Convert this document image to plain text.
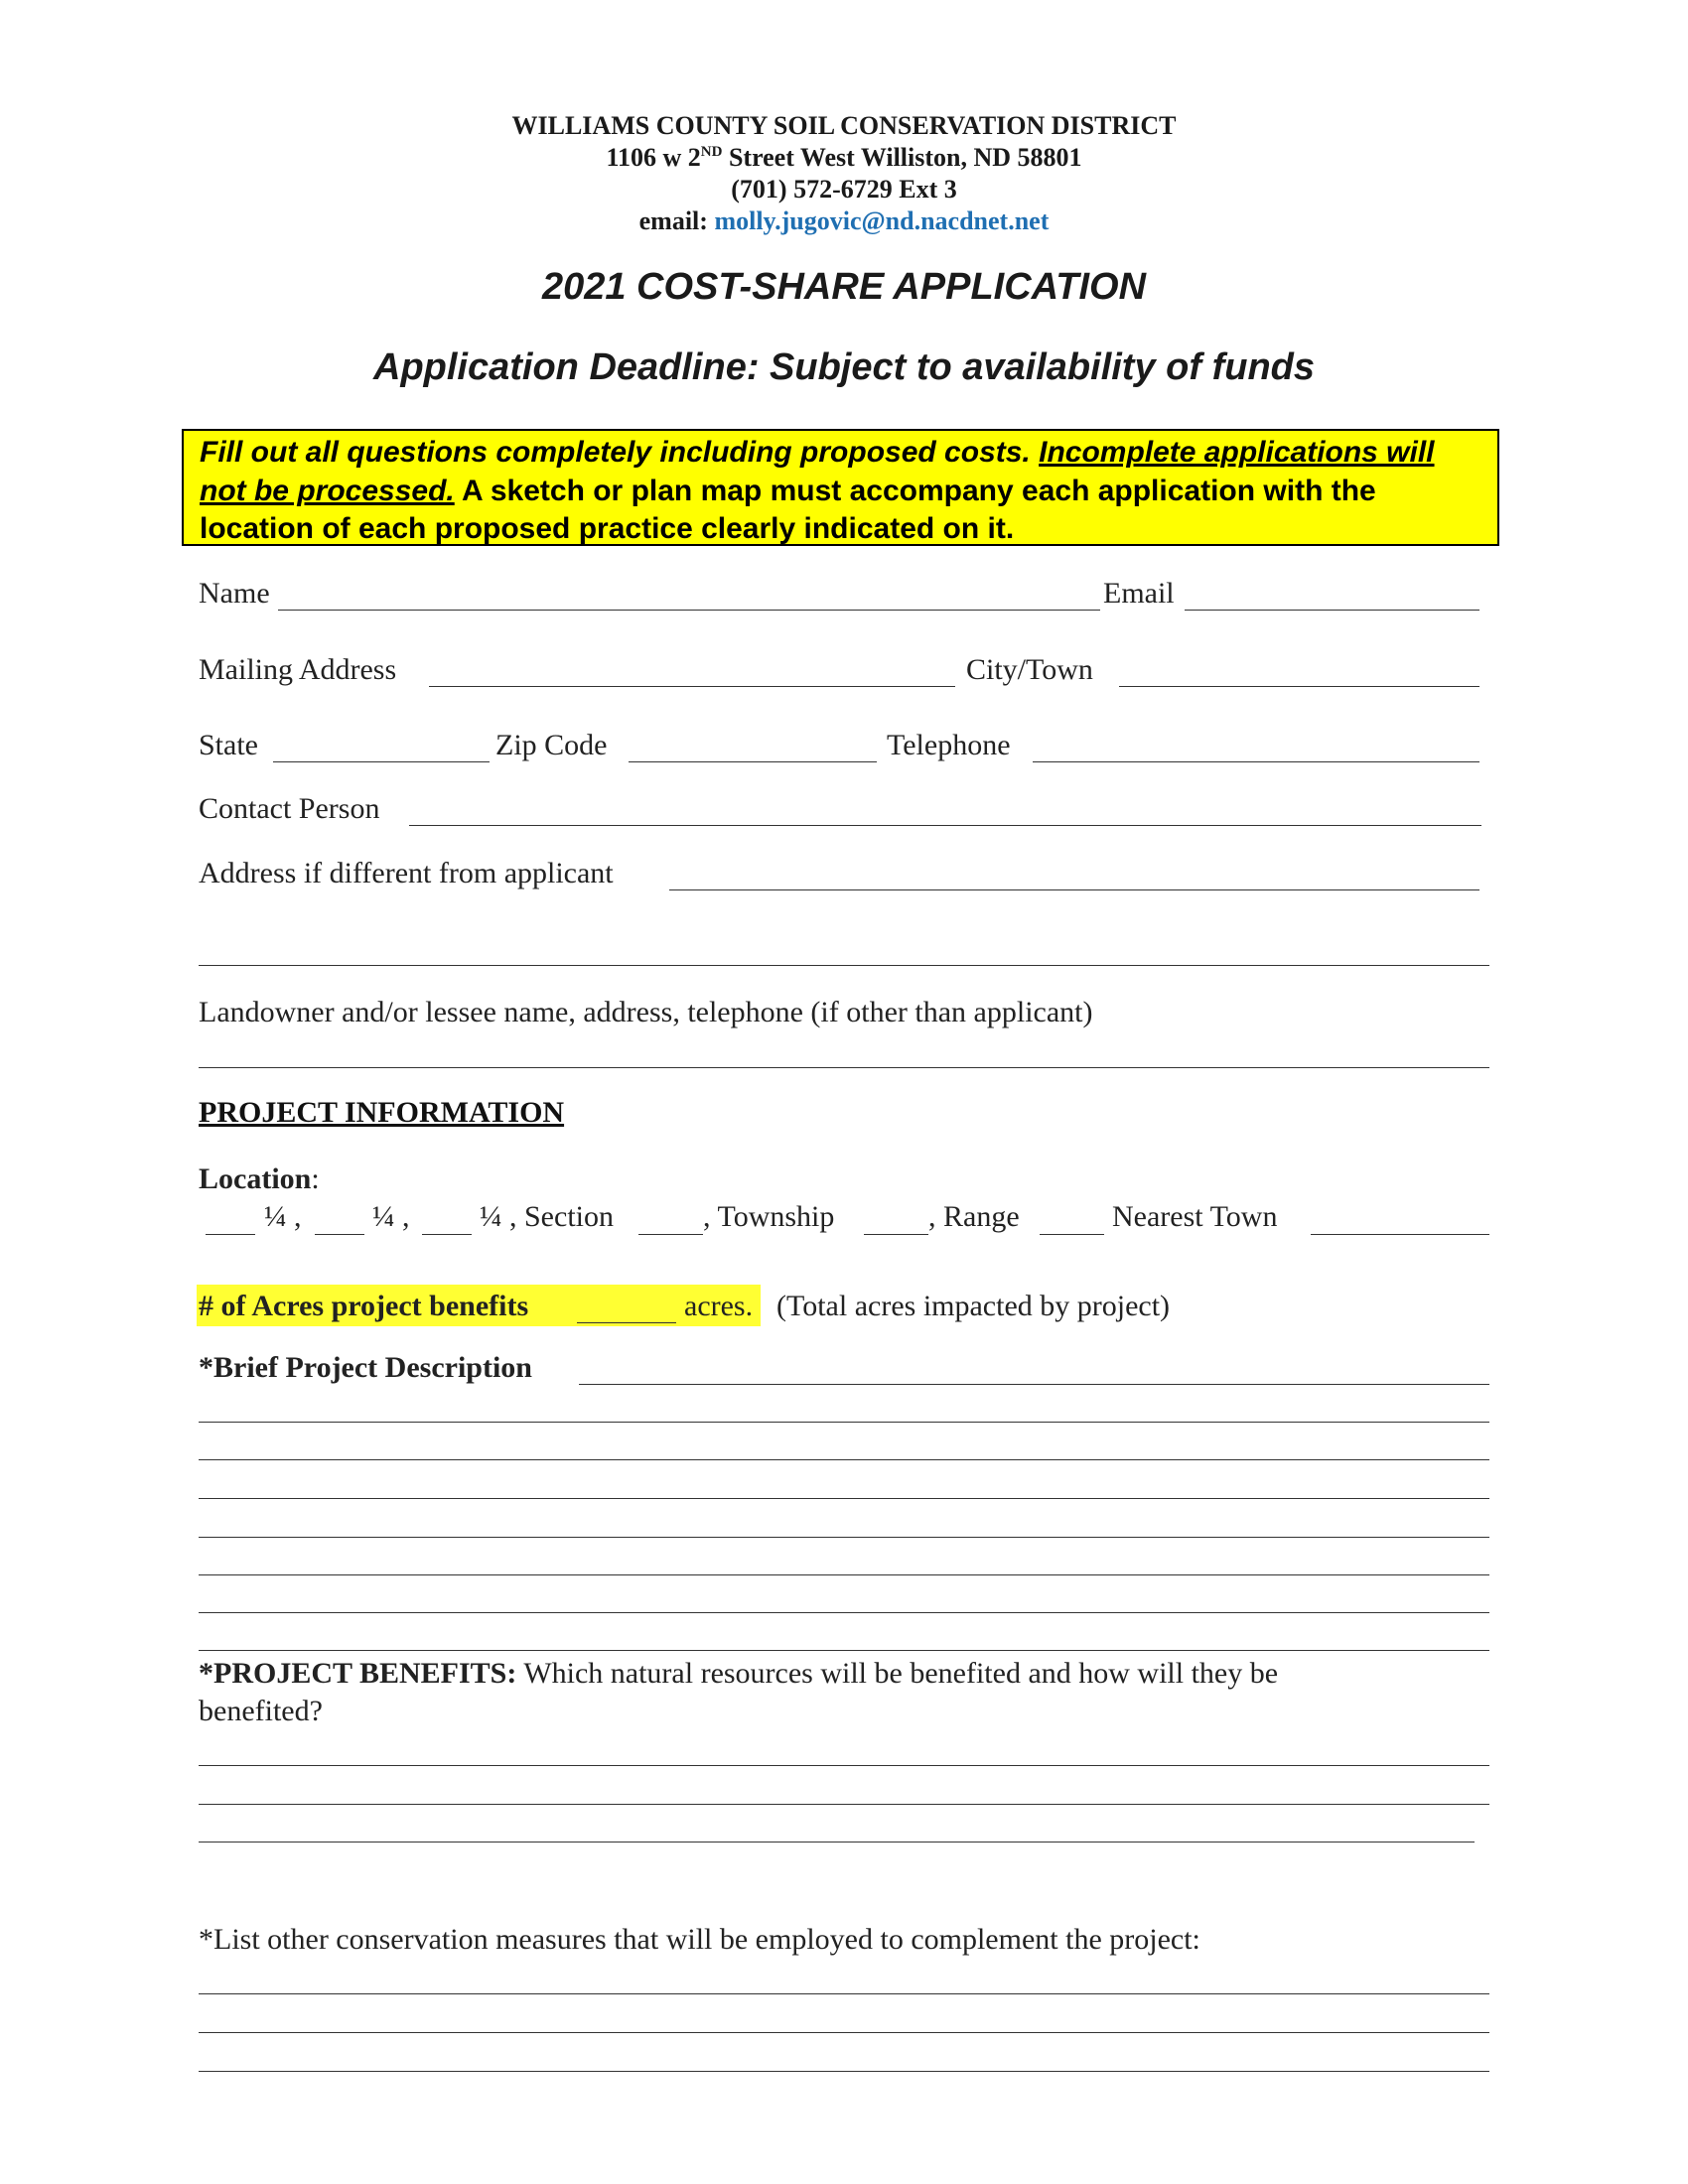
WILLIAMS COUNTY SOIL CONSERVATION DISTRICT
1106 w 2ND Street West Williston, ND 58801
(701) 572-6729 Ext 3
email: molly.jugovic@nd.nacdnet.net
2021 COST-SHARE APPLICATION
Application Deadline: Subject to availability of funds
Fill out all questions completely including proposed costs. Incomplete applications will not be processed. A sketch or plan map must accompany each application with the location of each proposed practice clearly indicated on it.
Name	Email
Mailing Address	City/Town
State	Zip Code	Telephone
Contact Person
Address if different from applicant
Landowner and/or lessee name, address, telephone (if other than applicant)
PROJECT INFORMATION
Location:
¼ , ¼ , ¼ , Section	, Township	, Range	Nearest Town
# of Acres project benefits	acres. (Total acres impacted by project)
*Brief Project Description
*PROJECT BENEFITS: Which natural resources will be benefited and how will they be
benefited?
*List other conservation measures that will be employed to complement the project:
